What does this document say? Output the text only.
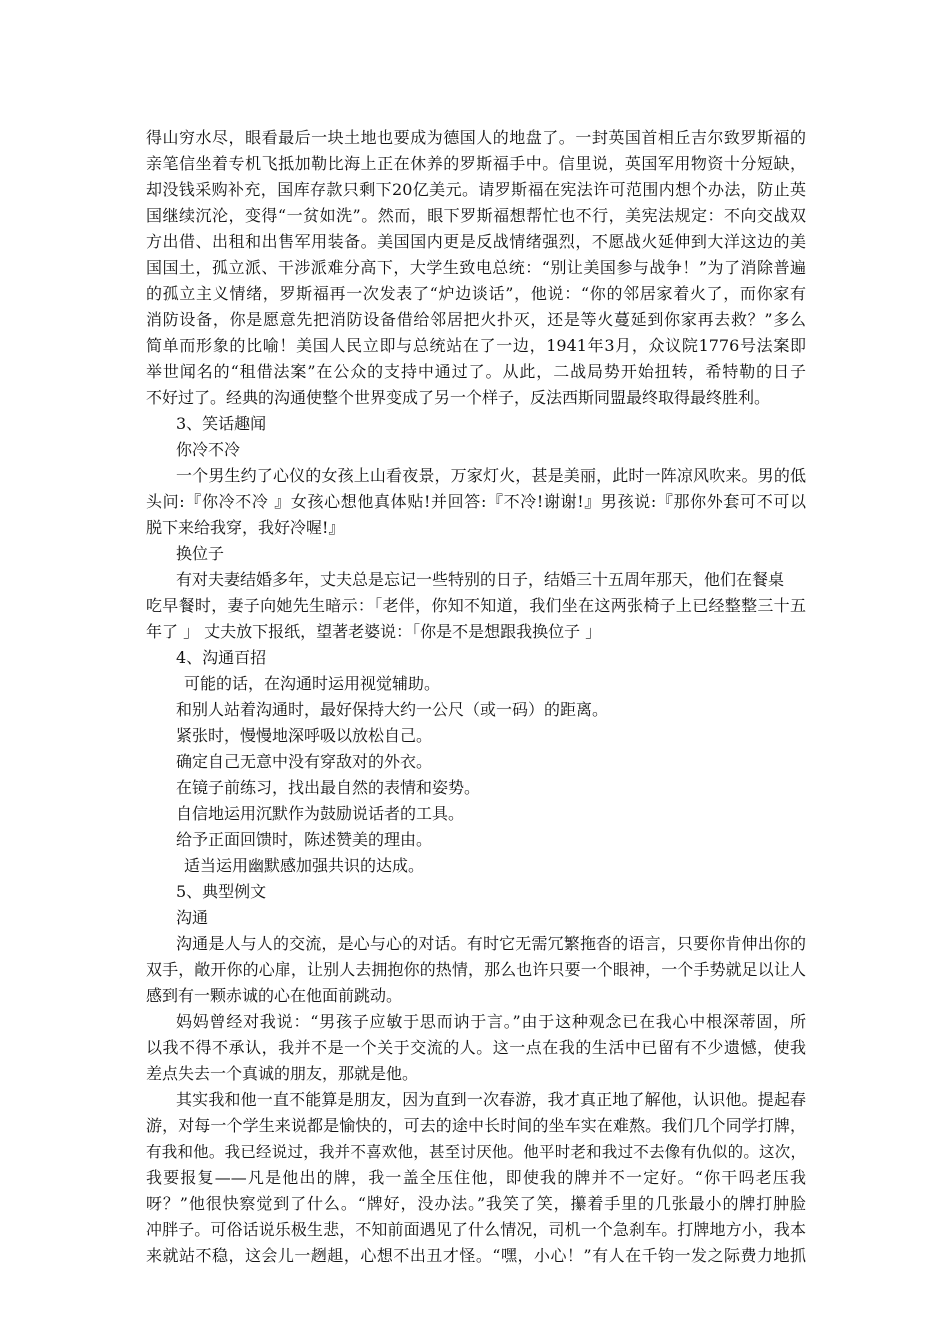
得山穷水尽，眼看最后一块土地也要成为德国人的地盘了。一封英国首相丘吉尔致罗斯福的
亲笔信坐着专机飞抵加勒比海上正在休养的罗斯福手中。信里说，英国军用物资十分短缺，
却没钱采购补充，国库存款只剩下20亿美元。请罗斯福在宪法许可范围内想个办法，防止英
国继续沉沦，变得“一贫如洗”。然而，眼下罗斯福想帮忙也不行，美宪法规定：不向交战双
方出借、出租和出售军用装备。美国国内更是反战情绪强烈，不愿战火延伸到大洋这边的美
国国土，孤立派、干涉派难分高下，大学生致电总统：“别让美国参与战争！”为了消除普遍
的孤立主义情绪，罗斯福再一次发表了“炉边谈话”，他说：“你的邻居家着火了，而你家有
消防设备，你是愿意先把消防设备借给邻居把火扑灭，还是等火蔓延到你家再去救？”多么
简单而形象的比喻！美国人民立即与总统站在了一边，1941年3月，众议院1776号法案即
举世闻名的“租借法案”在公众的支持中通过了。从此，二战局势开始扭转，希特勒的日子
不好过了。经典的沟通使整个世界变成了另一个样子，反法西斯同盟最终取得最终胜利。
3、笑话趣闻
你冷不冷
一个男生约了心仪的女孩上山看夜景，万家灯火，甚是美丽，此时一阵凉风吹来。男的低
头问:『你冷不冷 』女孩心想他真体贴!并回答:『不冷!谢谢!』男孩说:『那你外套可不可以
脱下来给我穿，我好冷喔!』
换位子
有对夫妻结婚多年，丈夫总是忘记一些特别的日子，结婚三十五周年那天，他们在餐桌
吃早餐时，妻子向她先生暗示：「老伴，你知不知道，我们坐在这两张椅子上已经整整三十五
年了 」 丈夫放下报纸，望著老婆说：「你是不是想跟我换位子 」
4、沟通百招
可能的话，在沟通时运用视觉辅助。
和别人站着沟通时，最好保持大约一公尺（或一码）的距离。
紧张时，慢慢地深呼吸以放松自己。
确定自己无意中没有穿敌对的外衣。
在镜子前练习，找出最自然的表情和姿势。
自信地运用沉默作为鼓励说话者的工具。
给予正面回馈时，陈述赞美的理由。
适当运用幽默感加强共识的达成。
5、典型例文
沟通
沟通是人与人的交流，是心与心的对话。有时它无需冗繁拖沓的语言，只要你肯伸出你的
双手，敞开你的心扉，让别人去拥抱你的热情，那么也许只要一个眼神，一个手势就足以让人
感到有一颗赤诚的心在他面前跳动。
妈妈曾经对我说：“男孩子应敏于思而讷于言。”由于这种观念已在我心中根深蒂固，所
以我不得不承认，我并不是一个关于交流的人。这一点在我的生活中已留有不少遗憾，使我
差点失去一个真诚的朋友，那就是他。
其实我和他一直不能算是朋友，因为直到一次春游，我才真正地了解他，认识他。提起春
游，对每一个学生来说都是愉快的，可去的途中长时间的坐车实在难熬。我们几个同学打牌，
有我和他。我已经说过，我并不喜欢他，甚至讨厌他。他平时老和我过不去像有仇似的。这次，
我要报复——凡是他出的牌，我一盖全压住他，即使我的牌并不一定好。“你干吗老压我
呀？”他很快察觉到了什么。“牌好，没办法。”我笑了笑，攥着手里的几张最小的牌打肿脸
冲胖子。可俗话说乐极生悲，不知前面遇见了什么情况，司机一个急刹车。打牌地方小，我本
来就站不稳，这会儿一趔趄，心想不出丑才怪。“嘿，小心！”有人在千钧一发之际费力地抓
